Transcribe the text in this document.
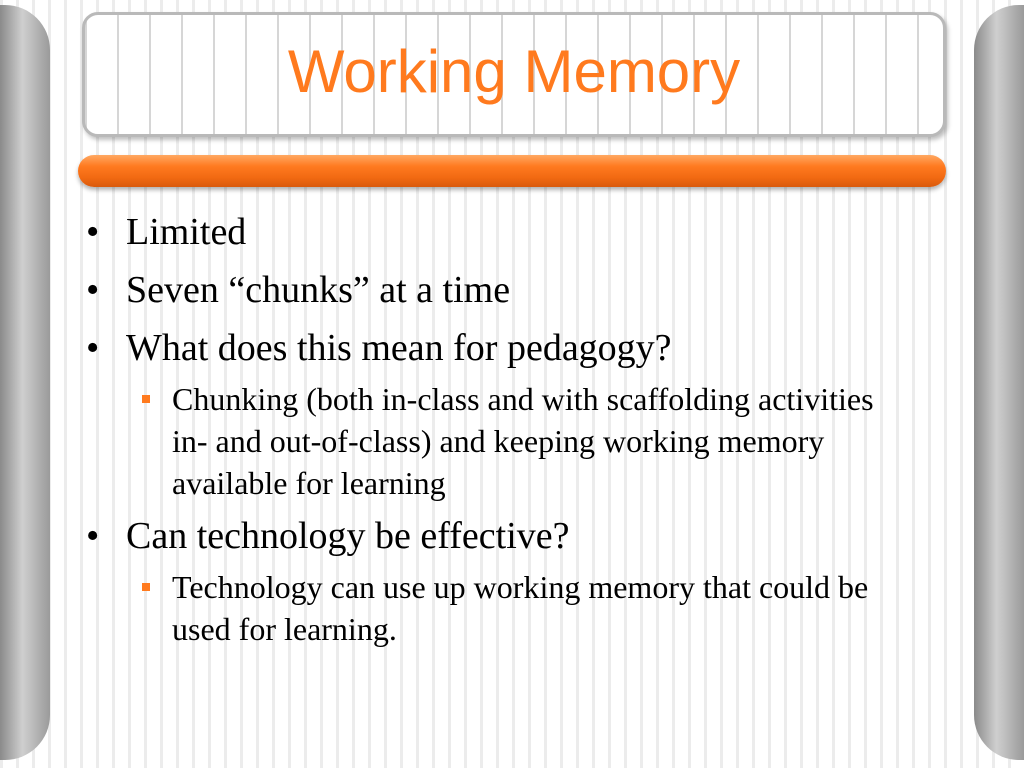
Working Memory
• Limited
• Seven “chunks” at a time
• What does this mean for pedagogy?
Chunking (both in-class and with scaffolding activities in- and out-of-class) and keeping working memory available for learning
• Can technology be effective?
Technology can use up working memory that could be used for learning.
